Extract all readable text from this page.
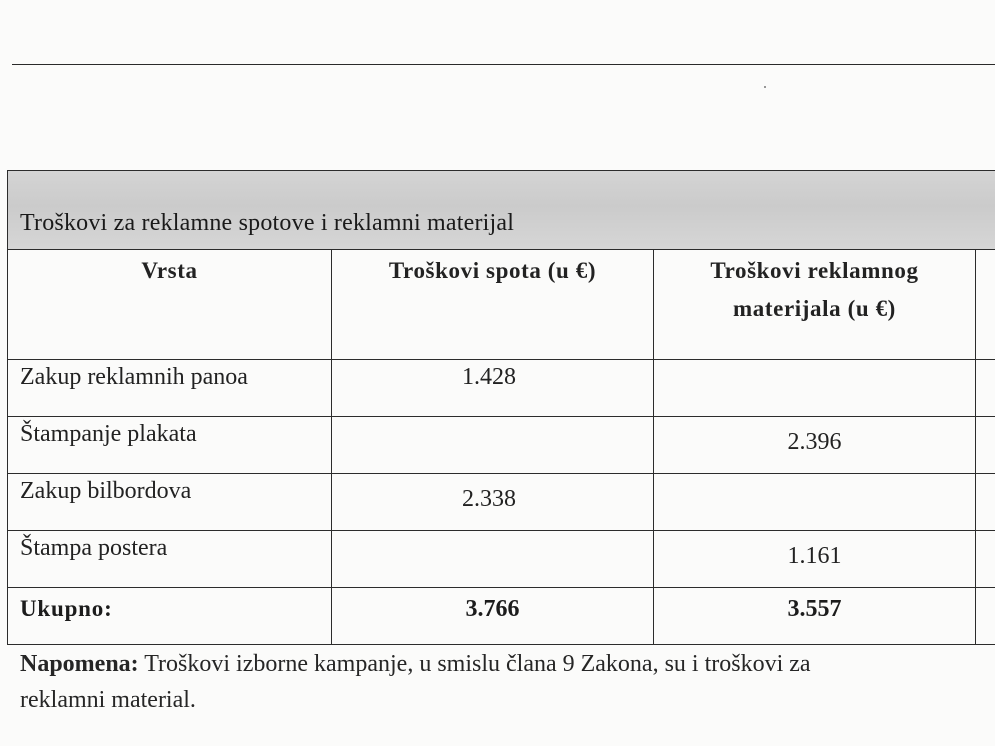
Troškovi za reklamne spotove i reklamni materijal
Vrsta	Troškovi spota (u €)	Troškovi reklamnog
materijala (u €)	

Zakup reklamnih panoa	1.428		
Štampanje plakata		2.396	
Zakup bilbordova	2.338		
Štampa postera		1.161	
Ukupno:	3.766	3.557	
Napomena: Troškovi izborne kampanje, u smislu člana 9 Zakona, su i troškovi za
reklamni material.
